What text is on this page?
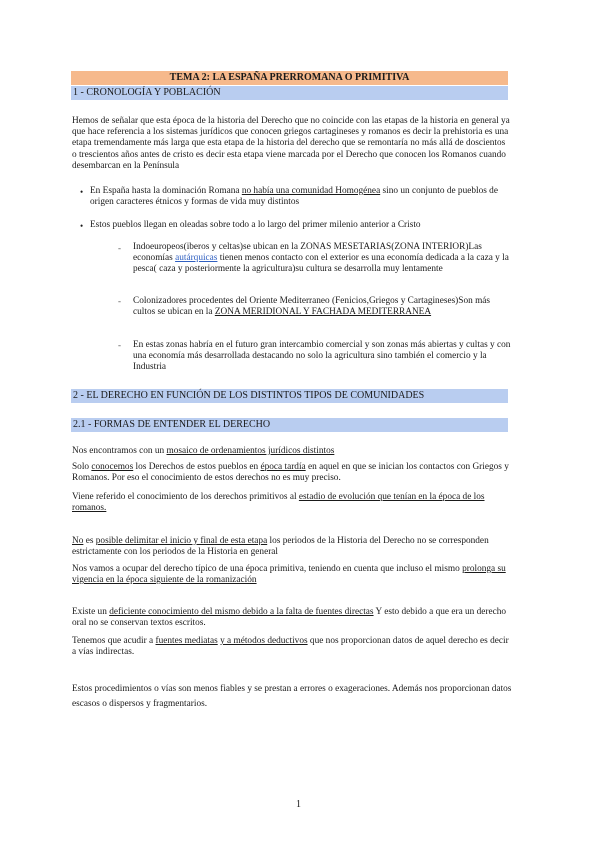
TEMA 2: LA ESPAÑA PRERROMANA O PRIMITIVA
1 - CRONOLOGÍA Y POBLACIÓN

Hemos de señalar que esta época de la historia del Derecho que no coincide con las etapas de la historia en general ya que hace referencia a los sistemas jurídicos que conocen griegos cartagineses y romanos es decir la prehistoria es una etapa tremendamente más larga que esta etapa de la historia del derecho que se remontaría no más allá de doscientos o trescientos años antes de cristo es decir esta etapa viene marcada por el Derecho que conocen los Romanos cuando desembarcan en la Península

• En España hasta la dominación Romana no había una comunidad Homogénea sino un conjunto de pueblos de origen caracteres étnicos y formas de vida muy distintos

• Estos pueblos llegan en oleadas sobre todo a lo largo del primer milenio anterior a Cristo

- Indoeuropeos(iberos y celtas)se ubican en la ZONAS MESETARIAS(ZONA INTERIOR)Las economías autárquicas tienen menos contacto con el exterior es una economía dedicada a la caza y la pesca( caza y posteriormente la agricultura)su cultura se desarrolla muy lentamente

- Colonizadores procedentes del Oriente Mediterraneo (Fenicios,Griegos y Cartagineses)Son más cultos se ubican en la ZONA MERIDIONAL Y FACHADA MEDITERRANEA

- En estas zonas habría en el futuro gran intercambio comercial y son zonas más abiertas y cultas y con una economía más desarrollada destacando no solo la agricultura sino también el comercio y la Industria

2 - EL DERECHO EN FUNCIÓN DE LOS DISTINTOS TIPOS DE COMUNIDADES
2.1 - FORMAS DE ENTENDER EL DERECHO

Nos encontramos con un mosaico de ordenamientos jurídicos distintos

Solo conocemos los Derechos de estos pueblos en época tardía en aquel en que se inician los contactos con Griegos y Romanos. Por eso el conocimiento de estos derechos no es muy preciso.

Viene referido el conocimiento de los derechos primitivos al estadio de evolución que tenían en la época de los romanos.

No es posible delimitar el inicio y final de esta etapa los periodos de la Historia del Derecho no se corresponden estrictamente con los periodos de la Historia en general

Nos vamos a ocupar del derecho típico de una época primitiva, teniendo en cuenta que incluso el mismo prolonga su vigencia en la época siguiente de la romanización

Existe un deficiente conocimiento del mismo debido a la falta de fuentes directas Y esto debido a que era un derecho oral no se conservan textos escritos.

Tenemos que acudir a fuentes mediatas y a métodos deductivos que nos proporcionan datos de aquel derecho es decir a vías indirectas.

Estos procedimientos o vías son menos fiables y se prestan a errores o exageraciones. Además nos proporcionan datos escasos o dispersos y fragmentarios.

1
